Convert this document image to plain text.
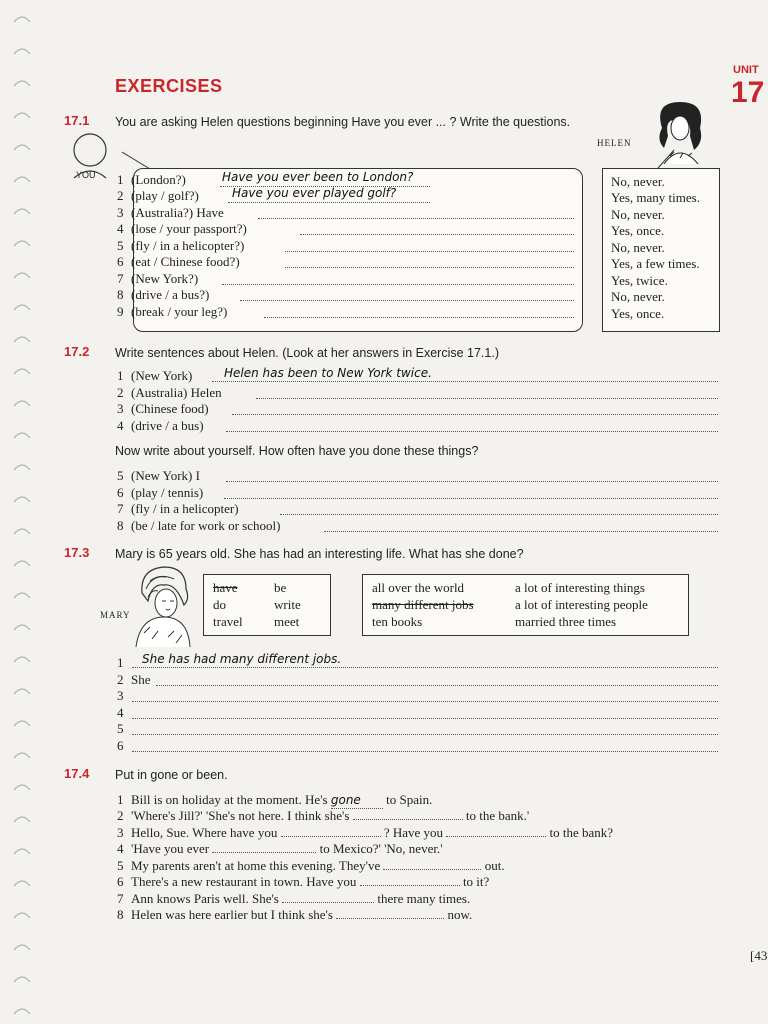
EXERCISES
UNIT
17
17.1 You are asking Helen questions beginning Have you ever ... ? Write the questions.
YOU
HELEN
1 (London?)	Have you ever been to London?
2 (play / golf?)	Have you ever played golf?
3 (Australia?) Have
4 (lose / your passport?)
5 (fly / in a helicopter?)
6 (eat / Chinese food?)
7 (New York?)
8 (drive / a bus?)
9 (break / your leg?)
No, never.
Yes, many times.
No, never.
Yes, once.
No, never.
Yes, a few times.
Yes, twice.
No, never.
Yes, once.
17.2 Write sentences about Helen. (Look at her answers in Exercise 17.1.)
1 (New York)	Helen has been to New York twice.
2 (Australia) Helen
3 (Chinese food)
4 (drive / a bus)
Now write about yourself. How often have you done these things?
5 (New York) I
6 (play / tennis)
7 (fly / in a helicopter)
8 (be / late for work or school)
17.3 Mary is 65 years old. She has had an interesting life. What has she done?
MARY
have	be
do	write
travel meet
all over the world	a lot of interesting things
many different jobs	a lot of interesting people
ten books	married three times
1	She has had many different jobs.
2 She
3
4
5
6
17.4 Put in gone or been.
1 Bill is on holiday at the moment. He's gone to Spain.
2 'Where's Jill?' 'She's not here. I think she's	to the bank.'
3 Hello, Sue. Where have you	? Have you	to the bank?
4 'Have you ever	to Mexico?' 'No, never.'
5 My parents aren't at home this evening. They've	out.
6 There's a new restaurant in town. Have you	to it?
7 Ann knows Paris well. She's	there many times.
8 Helen was here earlier but I think she's	now.
[43
